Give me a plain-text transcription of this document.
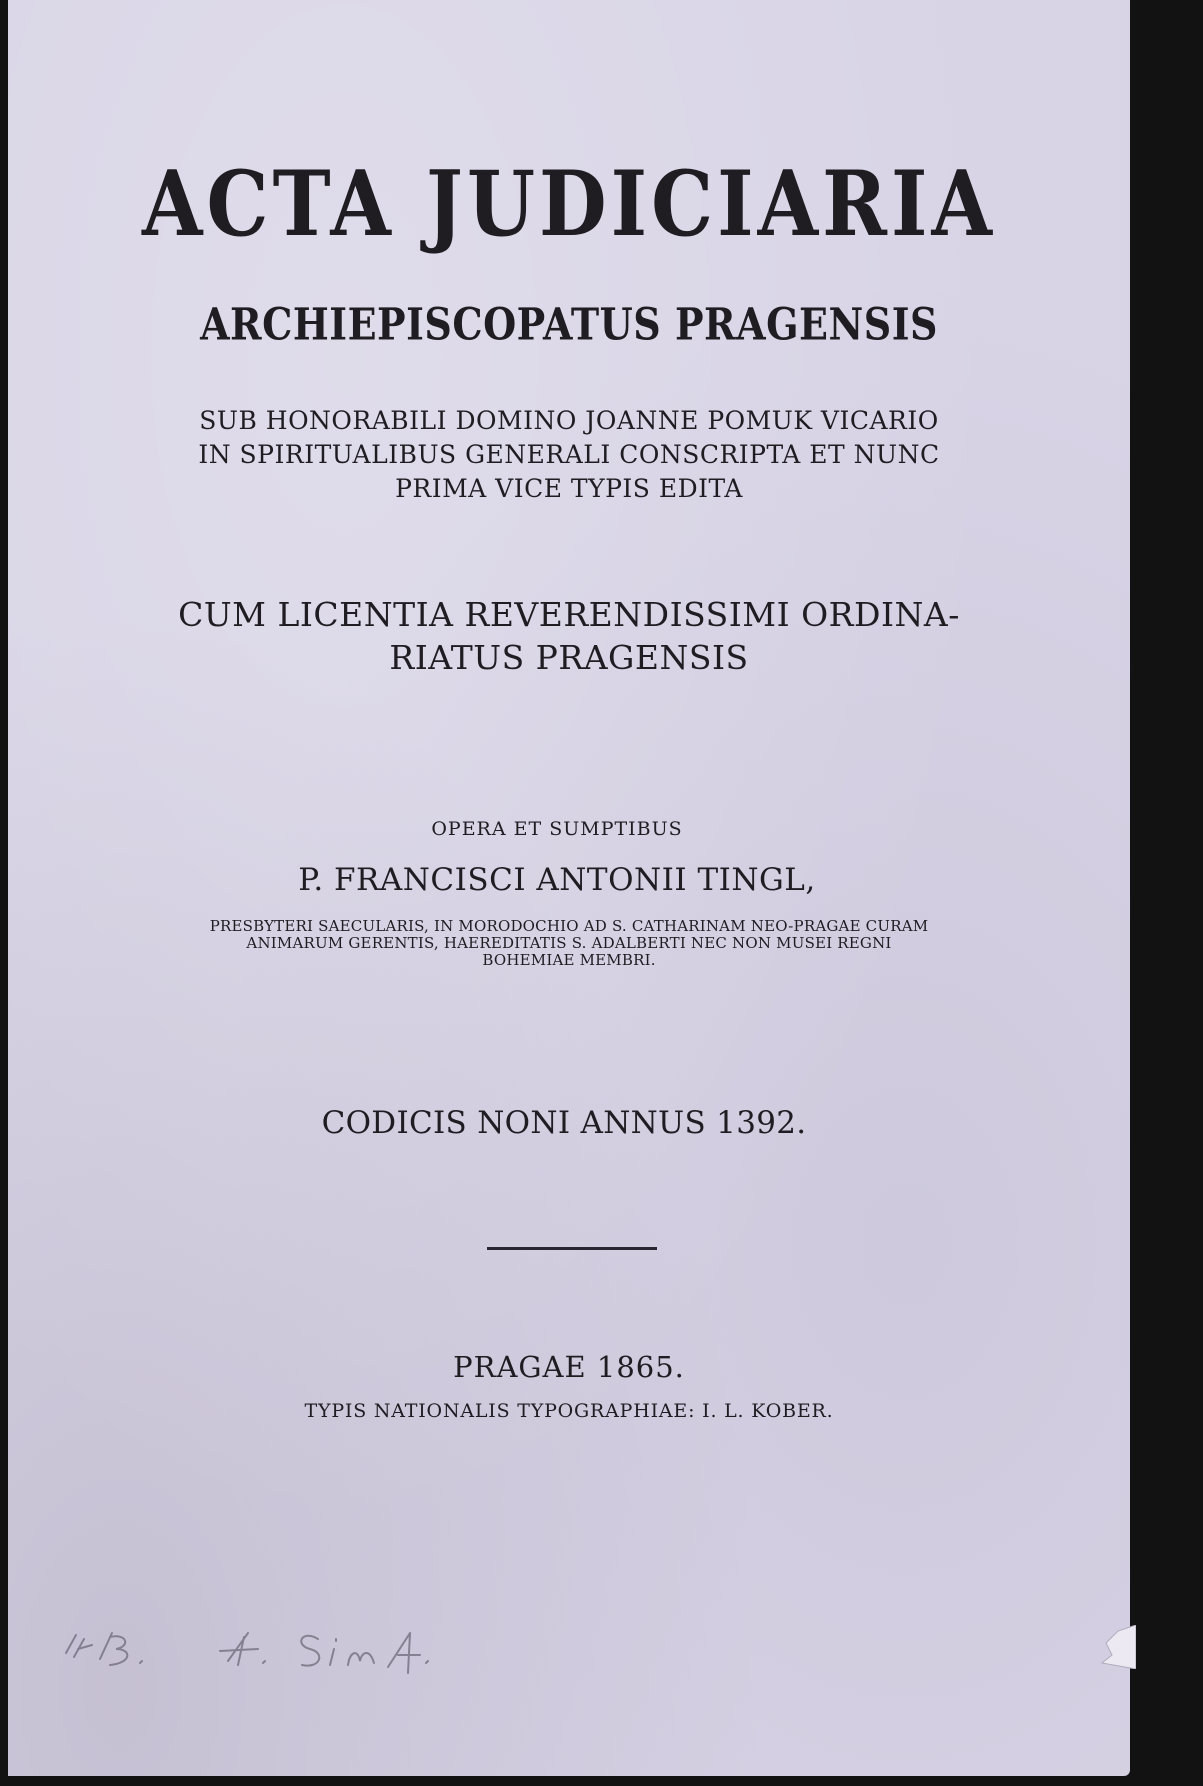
ACTA JUDICIARIA
ARCHIEPISCOPATUS PRAGENSIS

SUB HONORABILI DOMINO JOANNE POMUK VICARIO

IN SPIRITUALIBUS GENERALI CONSCRIPTA ET NUNC

PRIMA VICE TYPIS EDITA

CUM LICENTIA REVERENDISSIMI ORDINA-

RIATUS PRAGENSIS

OPERA ET SUMPTIBUS

P. FRANCISCI ANTONII TINGL,

PRESBYTERI SAECULARIS, IN MORODOCHIO AD S. CATHARINAM NEO-PRAGAE CURAM

ANIMARUM GERENTIS, HAEREDITATIS S. ADALBERTI NEC NON MUSEI REGNI

BOHEMIAE MEMBRI.

CODICIS NONI ANNUS 1392.

PRAGAE 1865.

TYPIS NATIONALIS TYPOGRAPHIAE: I. L. KOBER.
